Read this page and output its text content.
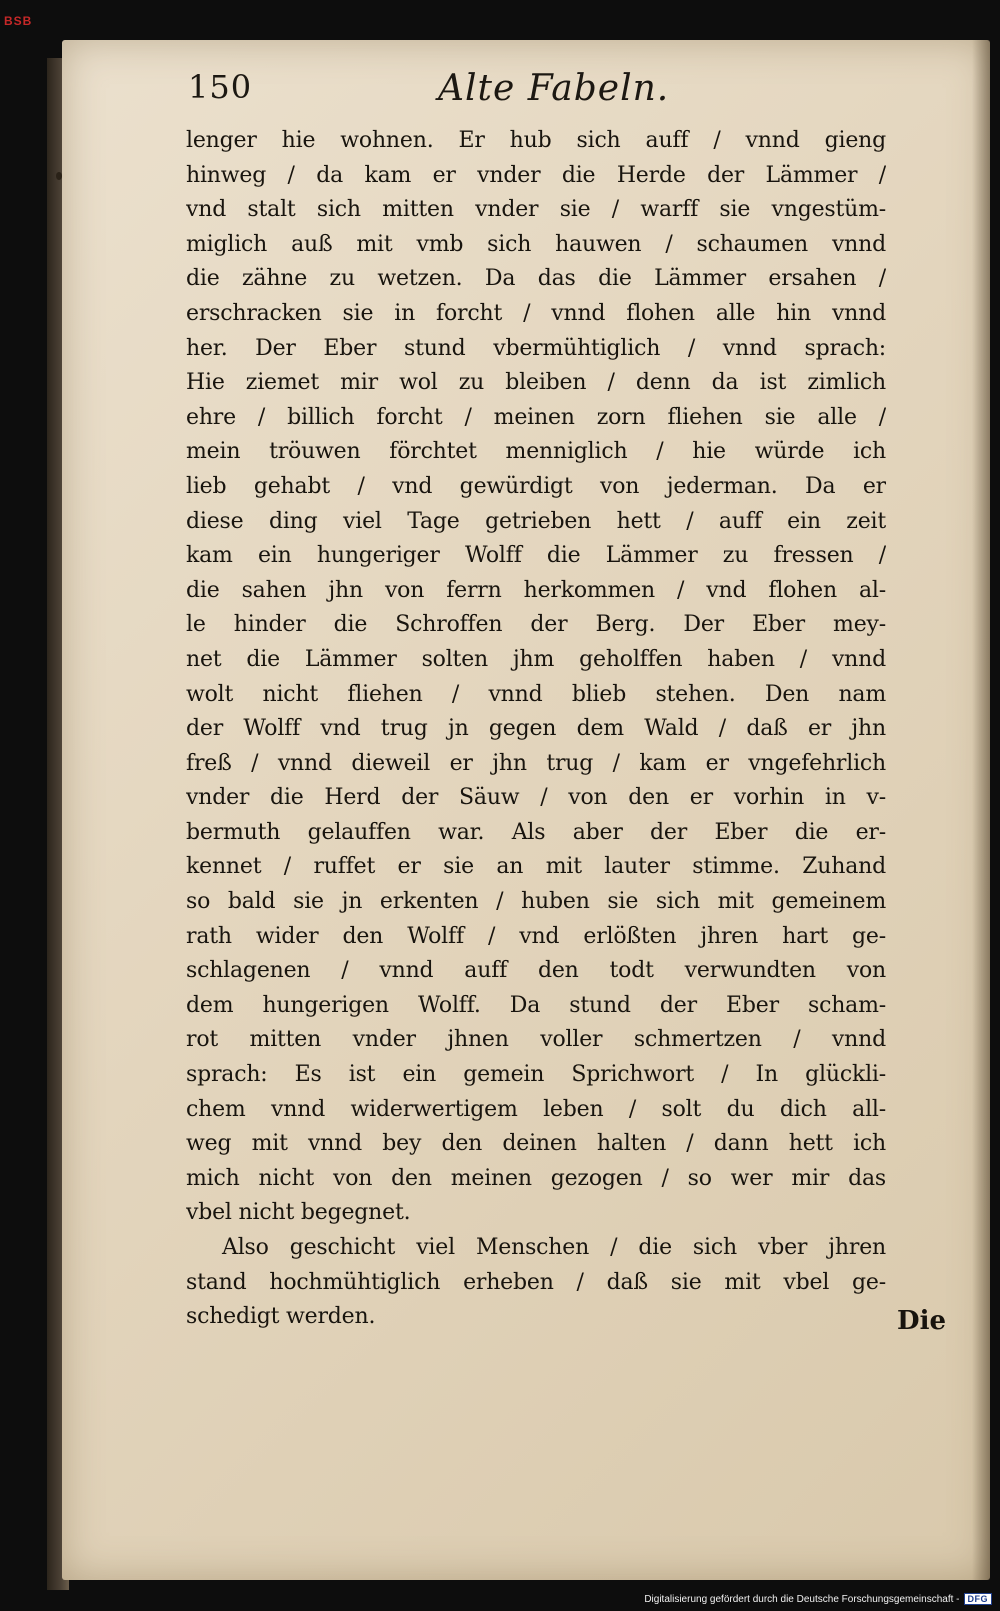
BSB
150	Alte Fabeln.
lenger hie wohnen. Er hub sich auff / vnnd gieng
hinweg / da kam er vnder die Herde der Lämmer /
vnd stalt sich mitten vnder sie / warff sie vngestüm-
miglich auß mit vmb sich hauwen / schaumen vnnd
die zähne zu wetzen. Da das die Lämmer ersahen /
erschracken sie in forcht / vnnd flohen alle hin vnnd
her. Der Eber stund vbermühtiglich / vnnd sprach:
Hie ziemet mir wol zu bleiben / denn da ist zimlich
ehre / billich forcht / meinen zorn fliehen sie alle /
mein tröuwen förchtet menniglich / hie würde ich
lieb gehabt / vnd gewürdigt von jederman. Da er
diese ding viel Tage getrieben hett / auff ein zeit
kam ein hungeriger Wolff die Lämmer zu fressen /
die sahen jhn von ferrn herkommen / vnd flohen al-
le hinder die Schroffen der Berg. Der Eber mey-
net die Lämmer solten jhm geholffen haben / vnnd
wolt nicht fliehen / vnnd blieb stehen. Den nam
der Wolff vnd trug jn gegen dem Wald / daß er jhn
freß / vnnd dieweil er jhn trug / kam er vngefehrlich
vnder die Herd der Säuw / von den er vorhin in v-
bermuth gelauffen war. Als aber der Eber die er-
kennet / ruffet er sie an mit lauter stimme. Zuhand
so bald sie jn erkenten / huben sie sich mit gemeinem
rath wider den Wolff / vnd erlößten jhren hart ge-
schlagenen / vnnd auff den todt verwundten von
dem hungerigen Wolff. Da stund der Eber scham-
rot mitten vnder jhnen voller schmertzen / vnnd
sprach: Es ist ein gemein Sprichwort / In glückli-
chem vnnd widerwertigem leben / solt du dich all-
weg mit vnnd bey den deinen halten / dann hett ich
mich nicht von den meinen gezogen / so wer mir das
vbel nicht begegnet.
Also geschicht viel Menschen / die sich vber jhren
stand hochmühtiglich erheben / daß sie mit vbel ge-
schedigt werden.	Die
Digitalisierung gefördert durch die Deutsche Forschungsgemeinschaft - DFG
